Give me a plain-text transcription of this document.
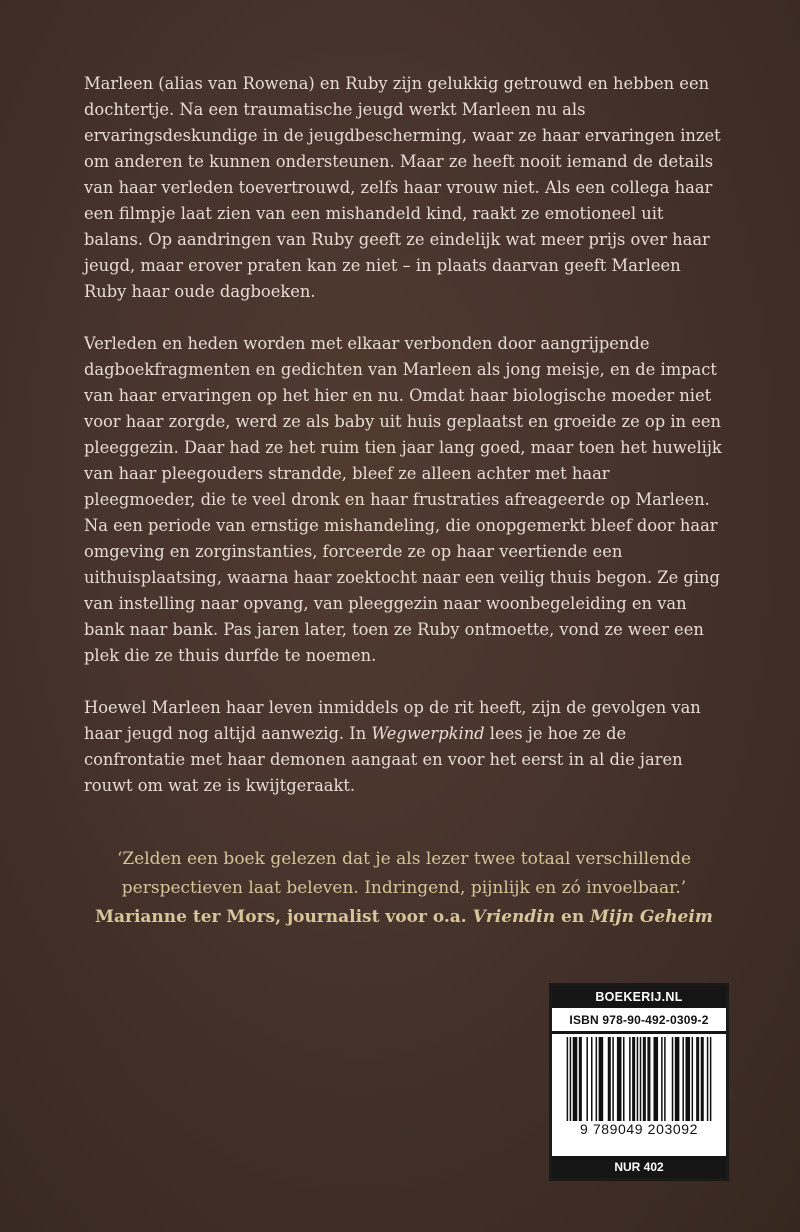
Marleen (alias van Rowena) en Ruby zijn gelukkig getrouwd en hebben een dochtertje. Na een traumatische jeugd werkt Marleen nu als ervaringsdeskundige in de jeugdbescherming, waar ze haar ervaringen inzet om anderen te kunnen ondersteunen. Maar ze heeft nooit iemand de details van haar verleden toevertrouwd, zelfs haar vrouw niet. Als een collega haar een filmpje laat zien van een mishandeld kind, raakt ze emotioneel uit balans. Op aandringen van Ruby geeft ze eindelijk wat meer prijs over haar jeugd, maar erover praten kan ze niet – in plaats daarvan geeft Marleen Ruby haar oude dagboeken.

Verleden en heden worden met elkaar verbonden door aangrijpende dagboekfragmenten en gedichten van Marleen als jong meisje, en de impact van haar ervaringen op het hier en nu. Omdat haar biologische moeder niet voor haar zorgde, werd ze als baby uit huis geplaatst en groeide ze op in een pleeggezin. Daar had ze het ruim tien jaar lang goed, maar toen het huwelijk van haar pleegouders strandde, bleef ze alleen achter met haar pleegmoeder, die te veel dronk en haar frustraties afreageerde op Marleen. Na een periode van ernstige mishandeling, die onopgemerkt bleef door haar omgeving en zorginstanties, forceerde ze op haar veertiende een uithuisplaatsing, waarna haar zoektocht naar een veilig thuis begon. Ze ging van instelling naar opvang, van pleeggezin naar woonbegeleiding en van bank naar bank. Pas jaren later, toen ze Ruby ontmoette, vond ze weer een plek die ze thuis durfde te noemen.

Hoewel Marleen haar leven inmiddels op de rit heeft, zijn de gevolgen van haar jeugd nog altijd aanwezig. In Wegwerpkind lees je hoe ze de confrontatie met haar demonen aangaat en voor het eerst in al die jaren rouwt om wat ze is kwijtgeraakt.

‘Zelden een boek gelezen dat je als lezer twee totaal verschillende perspectieven laat beleven. Indringend, pijnlijk en zó invoelbaar.’
Marianne ter Mors, journalist voor o.a. Vriendin en Mijn Geheim
BOEKERIJ.NL
ISBN 978-90-492-0309-2
9 789049 203092
NUR 402
